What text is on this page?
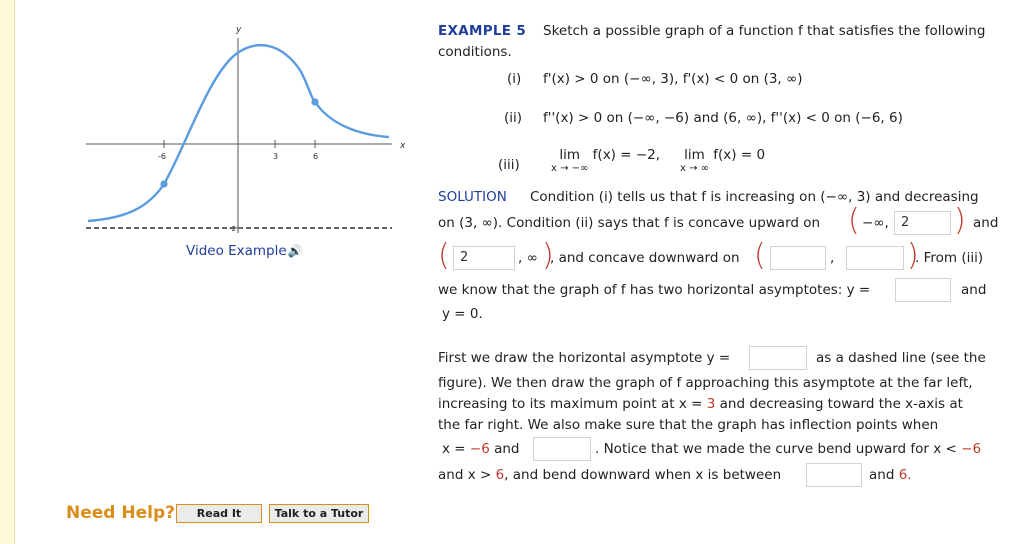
y
x
-6	3	6
-2
Video Example🔊
EXAMPLE 5 Sketch a possible graph of a function f that satisfies the following
conditions.
(i) f'(x) > 0 on (−∞, 3), f'(x) < 0 on (3, ∞)
(ii) f''(x) > 0 on (−∞, −6) and (6, ∞), f''(x) < 0 on (−6, 6)
(iii)
lim
x → −∞
f(x) = −2,	lim
x → ∞
f(x) = 0
SOLUTION Condition (i) tells us that f is increasing on (−∞, 3) and decreasing
on (3, ∞). Condition (ii) says that f is concave upward on ( −∞, 2	) and
( 2	, ∞ )
, and concave downward on (	, )
. From (iii)
we know that the graph of f has two horizontal asymptotes: y =	and
y = 0.
First we draw the horizontal asymptote y =	as a dashed line (see the
figure). We then draw the graph of f approaching this asymptote at the far left,
increasing to its maximum point at x = 3 and decreasing toward the x-axis at
the far right. We also make sure that the graph has inflection points when
x = −6 and	. Notice that we made the curve bend upward for x < −6
and x > 6, and bend downward when x is between	and 6.
Need Help?	Read It	Talk to a Tutor
